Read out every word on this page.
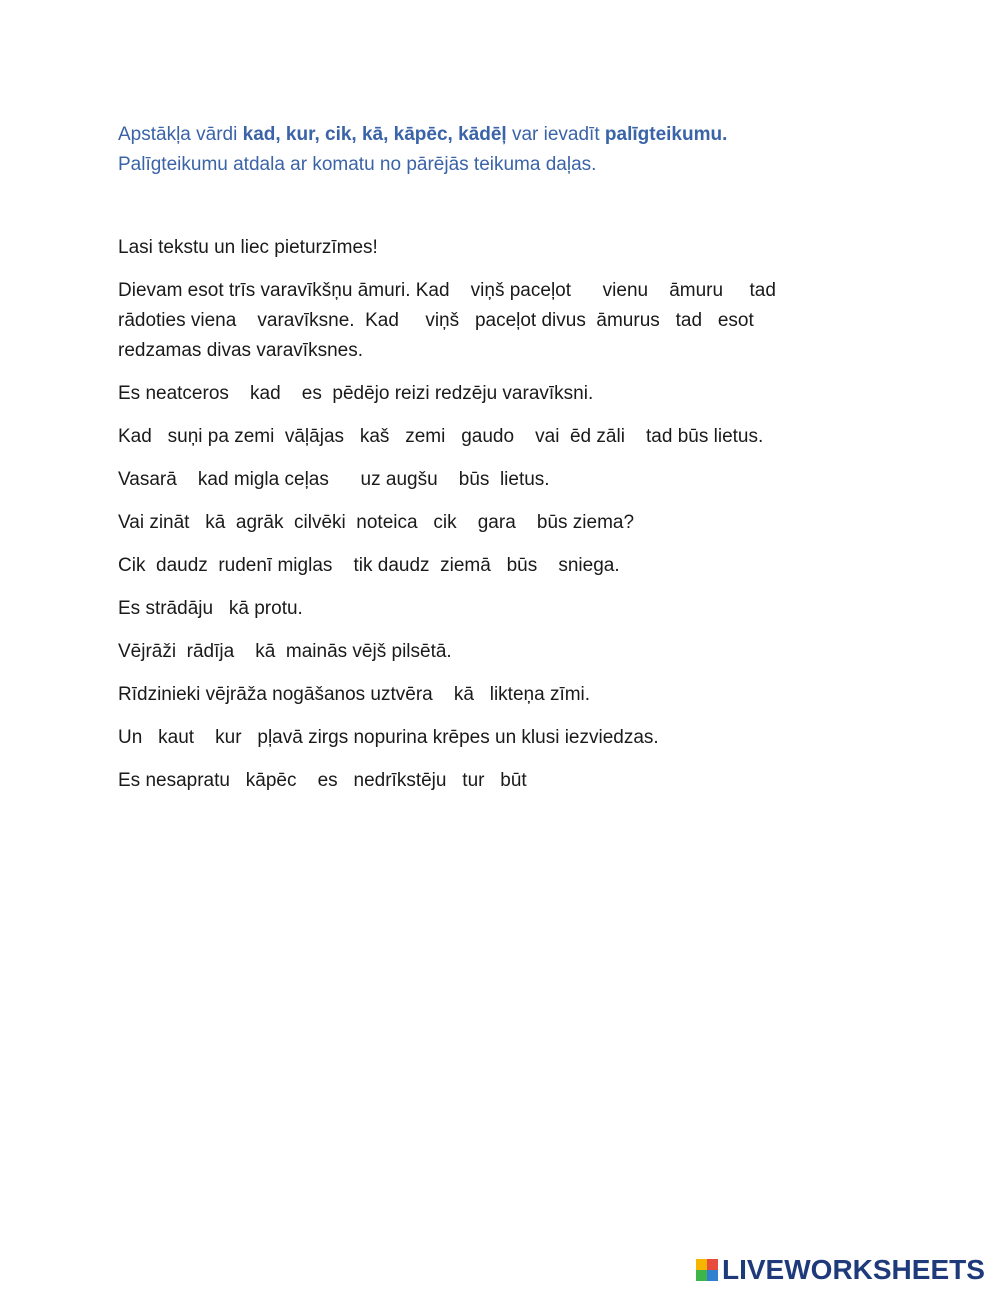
Apstākļa vārdi kad, kur, cik, kā, kāpēc, kādēļ var ievadīt palīgteikumu.
Palīgteikumu atdala ar komatu no pārējās teikuma daļas.
Lasi tekstu un liec pieturzīmes!
Dievam esot trīs varavīkšņu āmuri. Kad    viņš paceļot      vienu    āmuru     tad
rādoties viena    varavīksne.  Kad     viņš   paceļot divus  āmurus   tad   esot
redzamas divas varavīksnes.
Es neatceros    kad    es  pēdējo reizi redzēju varavīksni.
Kad   suņi pa zemi  vāļājas   kaš   zemi   gaudo    vai  ēd zāli    tad būs lietus.
Vasarā    kad migla ceļas      uz augšu    būs  lietus.
Vai zināt   kā  agrāk  cilvēki  noteica   cik    gara    būs ziema?
Cik  daudz  rudenī miglas    tik daudz  ziemā   būs    sniega.
Es strādāju   kā protu.
Vējrāži  rādīja    kā  mainās vējš pilsētā.
Rīdzinieki vējrāža nogāšanos uztvēra    kā   likteņa zīmi.
Un   kaut    kur   pļavā zirgs nopurina krēpes un klusi iezviedzas.
Es nesapratu   kāpēc    es   nedrīkstēju   tur   būt
LIVEWORKSHEETS
